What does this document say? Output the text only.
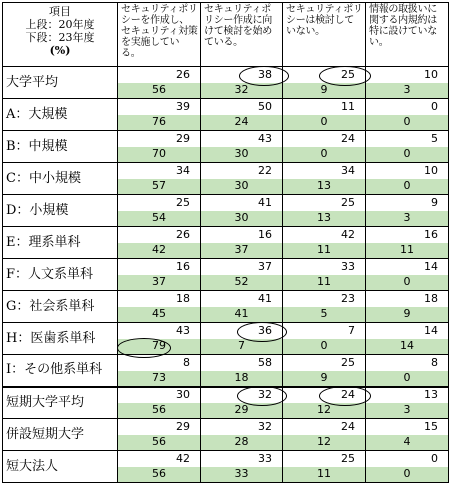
項目
上段：20年度
下段：23年度
(%)	セキュリティポリシーを作成し、セキュリティ対策を実施している。	セキュリティポリシー作成に向けて検討を始めている。	セキュリティポリシーは検討していない。	情報の取扱いに関する内規約は特に設けていない。
大学平均	26	38	25	10
	56	32	9	3
A：大規模	39	50	11	0
	76	24	0	0
B：中規模	29	43	24	5
	70	30	0	0
C：中小規模	34	22	34	10
	57	30	13	0
D：小規模	25	41	25	9
	54	30	13	3
E：理系単科	26	16	42	16
	42	37	11	11
F：人文系単科	16	37	33	14
	37	52	11	0
G：社会系単科	18	41	23	18
	45	41	5	9
H：医歯系単科	43	36	7	14
	79	7	0	14
I：その他系単科	8	58	25	8
	73	18	9	0
短期大学平均	30	32	24	13
	56	29	12	3
併設短期大学	29	32	24	15
	56	28	12	4
短大法人	42	33	25	0
	56	33	11	0
